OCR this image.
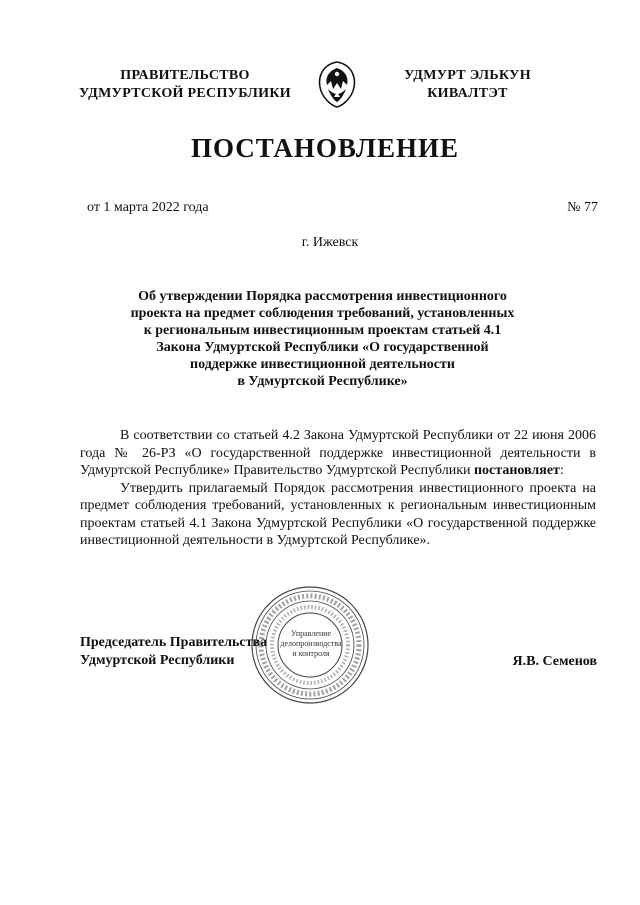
ПРАВИТЕЛЬСТВО
УДМУРТСКОЙ РЕСПУБЛИКИ
УДМУРТ ЭЛЬКУН
КИВАЛТЭТ
ПОСТАНОВЛЕНИЕ
от 1 марта 2022 года	№ 77
г. Ижевск
Об утверждении Порядка рассмотрения инвестиционного
проекта на предмет соблюдения требований, установленных
к региональным инвестиционным проектам статьей 4.1
Закона Удмуртской Республики «О государственной
поддержке инвестиционной деятельности
в Удмуртской Республике»

В соответствии со статьей 4.2 Закона Удмуртской Республики от 22 июня 2006 года № 26-РЗ «О государственной поддержке инвестиционной деятельности в Удмуртской Республике» Правительство Удмуртской Республики постановляет:

Утвердить прилагаемый Порядок рассмотрения инвестиционного проекта на предмет соблюдения требований, установленных к региональным инвестиционным проектам статьей 4.1 Закона Удмуртской Республики «О государственной поддержке инвестиционной деятельности в Удмуртской Республике».

Управление
делопроизводства
и контроля
Председатель Правительства
Удмуртской Республики	Я.В. Семенов
